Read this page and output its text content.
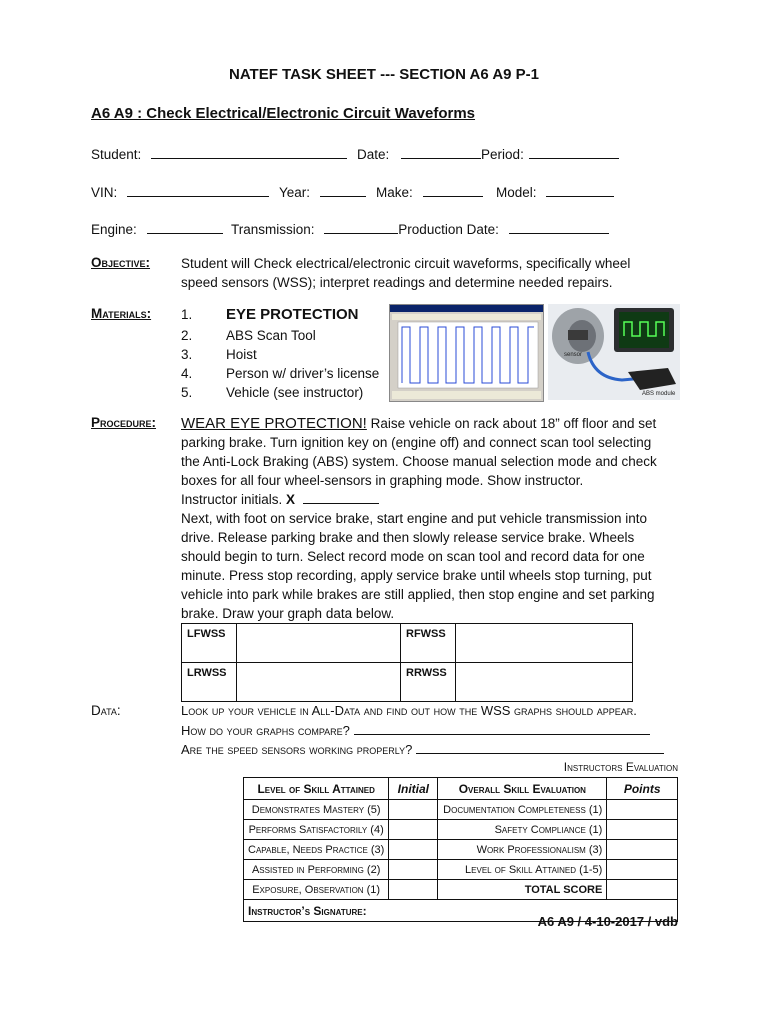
NATEF TASK SHEET --- SECTION A6 A9 P-1
A6 A9 : Check Electrical/Electronic Circuit Waveforms
Student:	Date:	Period:
VIN:	Year:	Make:	Model:
Engine:	Transmission:	Production Date:
Objective: Student will Check electrical/electronic circuit waveforms, specifically wheel speed sensors (WSS); interpret readings and determine needed repairs.
Materials: 1. EYE PROTECTION
2. ABS Scan Tool
3. Hoist
4. Person w/ driver’s license
5. Vehicle (see instructor)
sensor
ABS module
Procedure: WEAR EYE PROTECTION! Raise vehicle on rack about 18” off floor and set parking brake. Turn ignition key on (engine off) and connect scan tool selecting the Anti-Lock Braking (ABS) system. Choose manual selection mode and check boxes for all four wheel-sensors in graphing mode. Show instructor.
Instructor initials. X
Next, with foot on service brake, start engine and put vehicle transmission into drive. Release parking brake and then slowly release service brake. Wheels should begin to turn. Select record mode on scan tool and record data for one minute. Press stop recording, apply service brake until wheels stop turning, put vehicle into park while brakes are still applied, then stop engine and set parking brake. Draw your graph data below.
LFWSS		RFWSS	
LRWSS		RRWSS	
Data:	Look up your vehicle in All-Data and find out how the WSS graphs should appear.
How do your graphs compare?
Are the speed sensors working properly?
Instructors Evaluation
Level of Skill Attained	Initial	Overall Skill Evaluation	Points
Demonstrates Mastery (5)		Documentation Completeness (1)	
Performs Satisfactorily (4)		Safety Compliance (1)	
Capable, Needs Practice (3)		Work Professionalism (3)	
Assisted in Performing (2)		Level of Skill Attained (1-5)	
Exposure, Observation (1)		TOTAL SCORE	
Instructor’s Signature:			
A6 A9 / 4-10-2017 / vdb
